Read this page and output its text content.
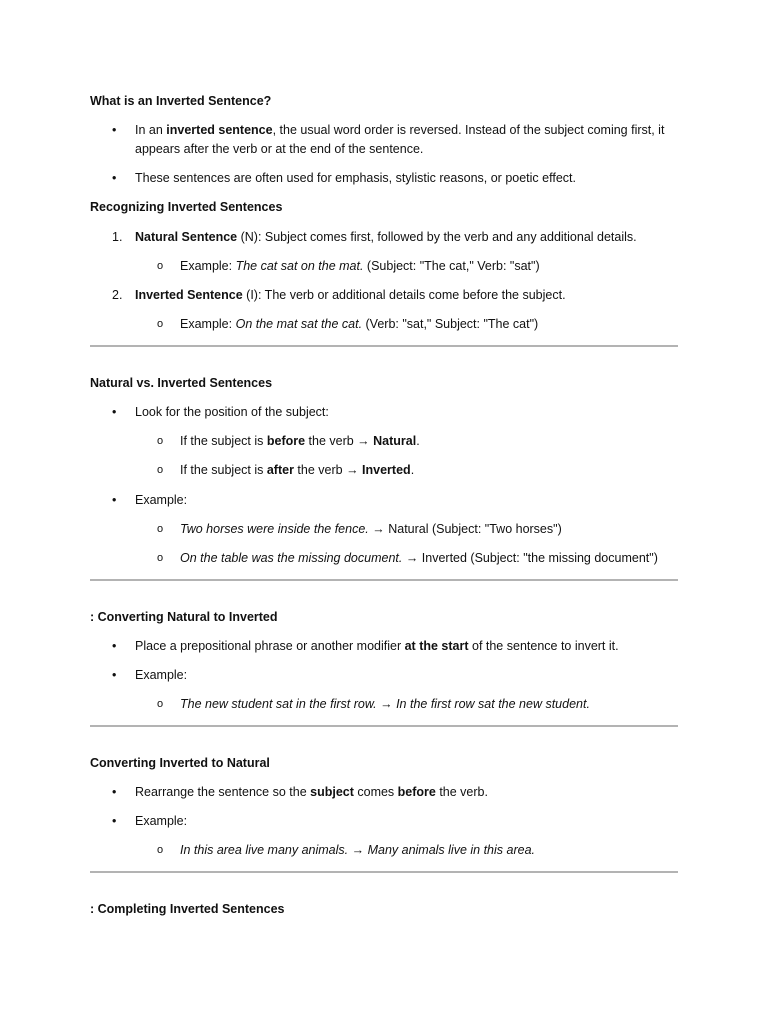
What is an Inverted Sentence?
• In an inverted sentence, the usual word order is reversed. Instead of the subject coming first, it
appears after the verb or at the end of the sentence.
• These sentences are often used for emphasis, stylistic reasons, or poetic effect.
Recognizing Inverted Sentences
1. Natural Sentence (N): Subject comes first, followed by the verb and any additional details.
o Example: The cat sat on the mat. (Subject: "The cat," Verb: "sat")
2. Inverted Sentence (I): The verb or additional details come before the subject.
o Example: On the mat sat the cat. (Verb: "sat," Subject: "The cat")
Natural vs. Inverted Sentences
• Look for the position of the subject:
o If the subject is before the verb → Natural.
o If the subject is after the verb → Inverted.
• Example:
o Two horses were inside the fence. → Natural (Subject: "Two horses")
o On the table was the missing document. → Inverted (Subject: "the missing document")
: Converting Natural to Inverted
• Place a prepositional phrase or another modifier at the start of the sentence to invert it.
• Example:
o The new student sat in the first row. → In the first row sat the new student.
Converting Inverted to Natural
• Rearrange the sentence so the subject comes before the verb.
• Example:
o In this area live many animals. → Many animals live in this area.
: Completing Inverted Sentences
